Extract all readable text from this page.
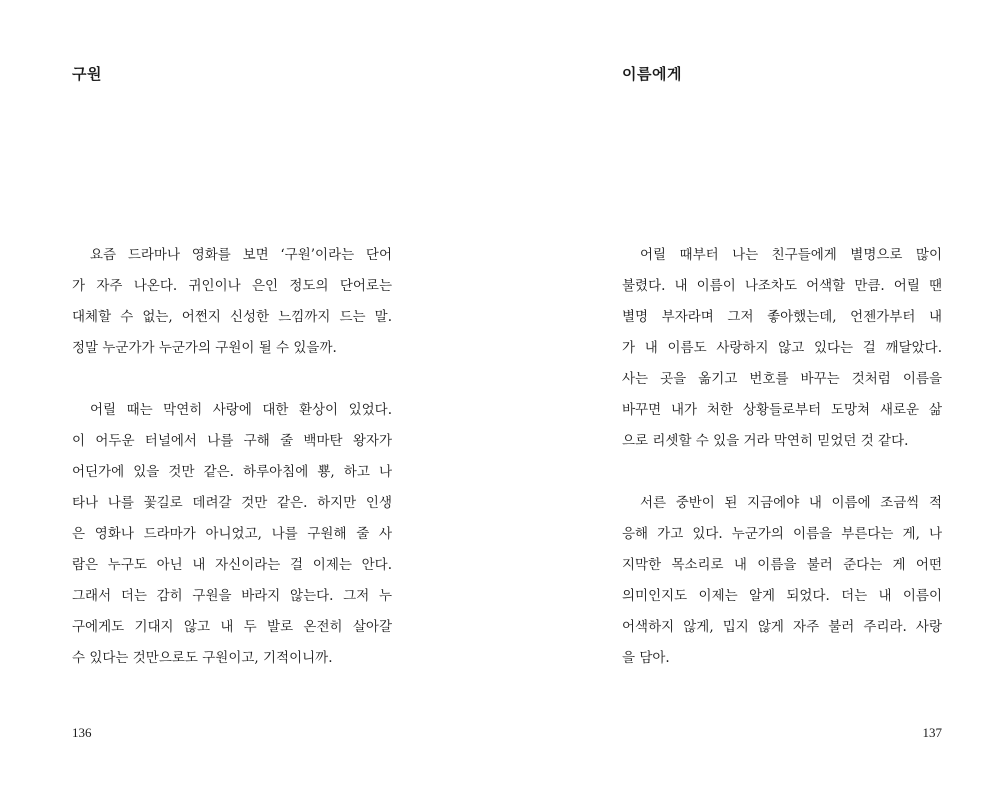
구원

요즘 드라마나 영화를 보면 ‘구원’이라는 단어
가 자주 나온다. 귀인이나 은인 정도의 단어로는
대체할 수 없는, 어쩐지 신성한 느낌까지 드는 말.
정말 누군가가 누군가의 구원이 될 수 있을까.

어릴 때는 막연히 사랑에 대한 환상이 있었다.
이 어두운 터널에서 나를 구해 줄 백마탄 왕자가
어딘가에 있을 것만 같은. 하루아침에 뿅, 하고 나
타나 나를 꽃길로 데려갈 것만 같은. 하지만 인생
은 영화나 드라마가 아니었고, 나를 구원해 줄 사
람은 누구도 아닌 내 자신이라는 걸 이제는 안다.
그래서 더는 감히 구원을 바라지 않는다. 그저 누
구에게도 기대지 않고 내 두 발로 온전히 살아갈
수 있다는 것만으로도 구원이고, 기적이니까.

136
이름에게

어릴 때부터 나는 친구들에게 별명으로 많이
불렸다. 내 이름이 나조차도 어색할 만큼. 어릴 땐
별명 부자라며 그저 좋아했는데, 언젠가부터 내
가 내 이름도 사랑하지 않고 있다는 걸 깨달았다.
사는 곳을 옮기고 번호를 바꾸는 것처럼 이름을
바꾸면 내가 처한 상황들로부터 도망쳐 새로운 삶
으로 리셋할 수 있을 거라 막연히 믿었던 것 같다.

서른 중반이 된 지금에야 내 이름에 조금씩 적
응해 가고 있다. 누군가의 이름을 부른다는 게, 나
지막한 목소리로 내 이름을 불러 준다는 게 어떤
의미인지도 이제는 알게 되었다. 더는 내 이름이
어색하지 않게, 밉지 않게 자주 불러 주리라. 사랑
을 담아.

137
